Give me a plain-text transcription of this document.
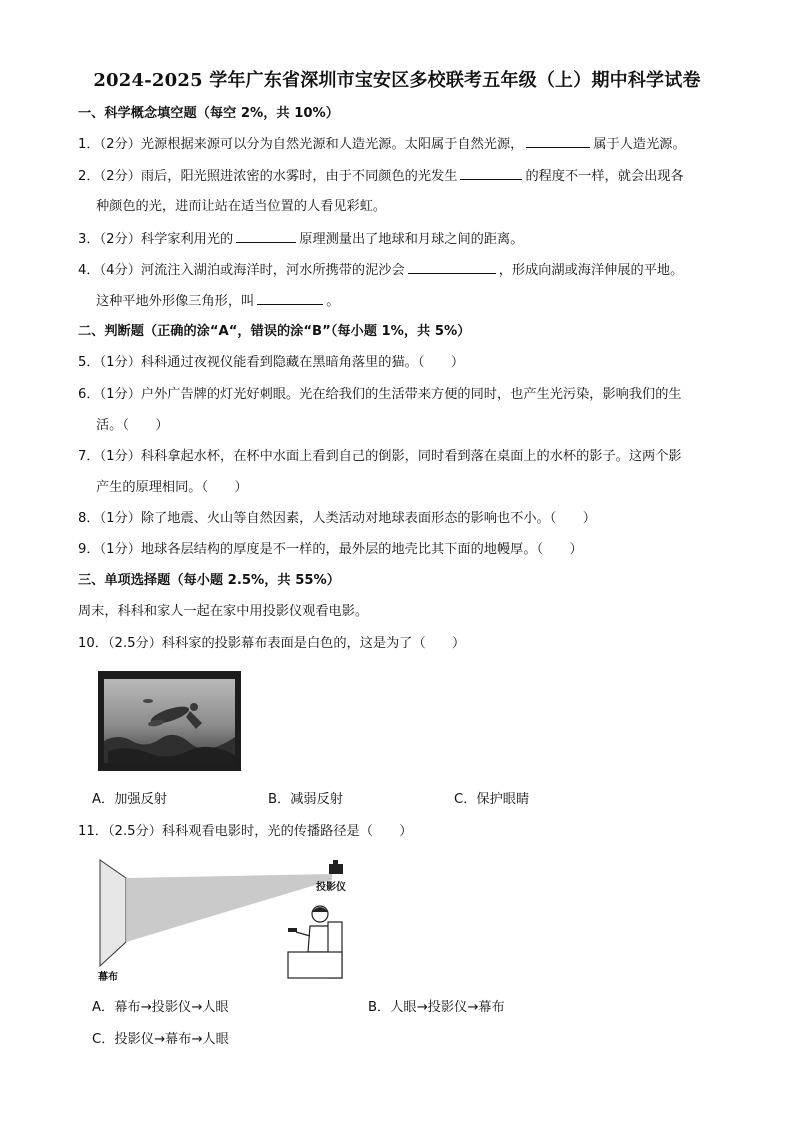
2024-2025 学年广东省深圳市宝安区多校联考五年级（上）期中科学试卷
一、科学概念填空题（每空 2%，共 10%）
1．（2分）光源根据来源可以分为自然光源和人造光源。太阳属于自然光源，	属于人造光源。
2．（2分）雨后，阳光照进浓密的水雾时，由于不同颜色的光发生	的程度不一样，就会出现各
种颜色的光，进而让站在适当位置的人看见彩虹。
3．（2分）科学家利用光的	原理测量出了地球和月球之间的距离。
4．（4分）河流注入湖泊或海洋时，河水所携带的泥沙会	，形成向湖或海洋伸展的平地。
这种平地外形像三角形，叫	。
二、判断题（正确的涂“A“，错误的涂“B”（每小题 1%，共 5%）
5．（1分）科科通过夜视仪能看到隐藏在黑暗角落里的猫。（　　）
6．（1分）户外广告牌的灯光好刺眼。光在给我们的生活带来方便的同时，也产生光污染，影响我们的生
活。（　　）
7．（1分）科科拿起水杯，在杯中水面上看到自己的倒影，同时看到落在桌面上的水杯的影子。这两个影
产生的原理相同。（　　）
8．（1分）除了地震、火山等自然因素，人类活动对地球表面形态的影响也不小。（　　）
9．（1分）地球各层结构的厚度是不一样的，最外层的地壳比其下面的地幔厚。（　　）
三、单项选择题（每小题 2.5%，共 55%）
周末，科科和家人一起在家中用投影仪观看电影。
10．（2.5分）科科家的投影幕布表面是白色的，这是为了（　　）
A．加强反射	B．减弱反射	C．保护眼睛
11．（2.5分）科科观看电影时，光的传播路径是（　　）
投影仪
幕布
A．幕布→投影仪→人眼	B．人眼→投影仪→幕布
C．投影仪→幕布→人眼
